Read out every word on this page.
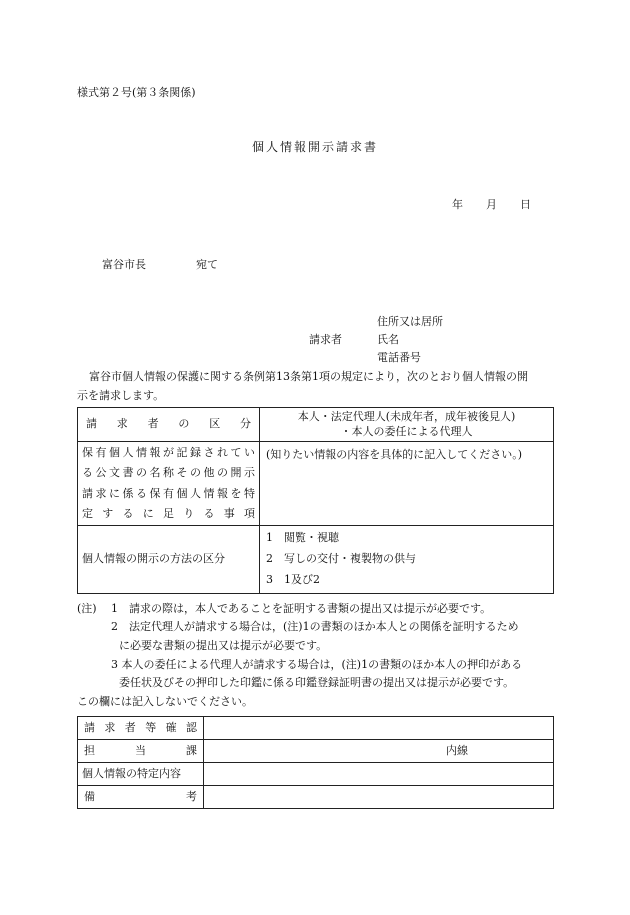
様式第２号(第３条関係)
個人情報開示請求書
年 月 日
富谷市長	宛て
住所又は居所
請求者	氏名
電話番号
富谷市個人情報の保護に関する条例第13条第1項の規定により，次のとおり個人情報の開
示を請求します。
請求者の区分	本人・法定代理人(未成年者，成年被後見人)
・本人の委任による代理人

保有個人情報が記録されてい
る公文書の名称その他の開示
請求に係る保有個人情報を特
定するに足りる事項	(知りたい情報の内容を具体的に記入してください。)

個人情報の開示の方法の区分	1　閲覧・視聴
2　写しの交付・複製物の供与
3　1及び2
(注) 1　請求の際は，本人であることを証明する書類の提出又は提示が必要です。
2　法定代理人が請求する場合は，(注)1の書類のほか本人との関係を証明するため
に必要な書類の提出又は提示が必要です。
3 本人の委任による代理人が請求する場合は，(注)1の書類のほか本人の押印がある
委任状及びその押印した印鑑に係る印鑑登録証明書の提出又は提示が必要です。
この欄には記入しないでください。
請求者等確認	

担当課	内線

個人情報の特定内容	

備考	
